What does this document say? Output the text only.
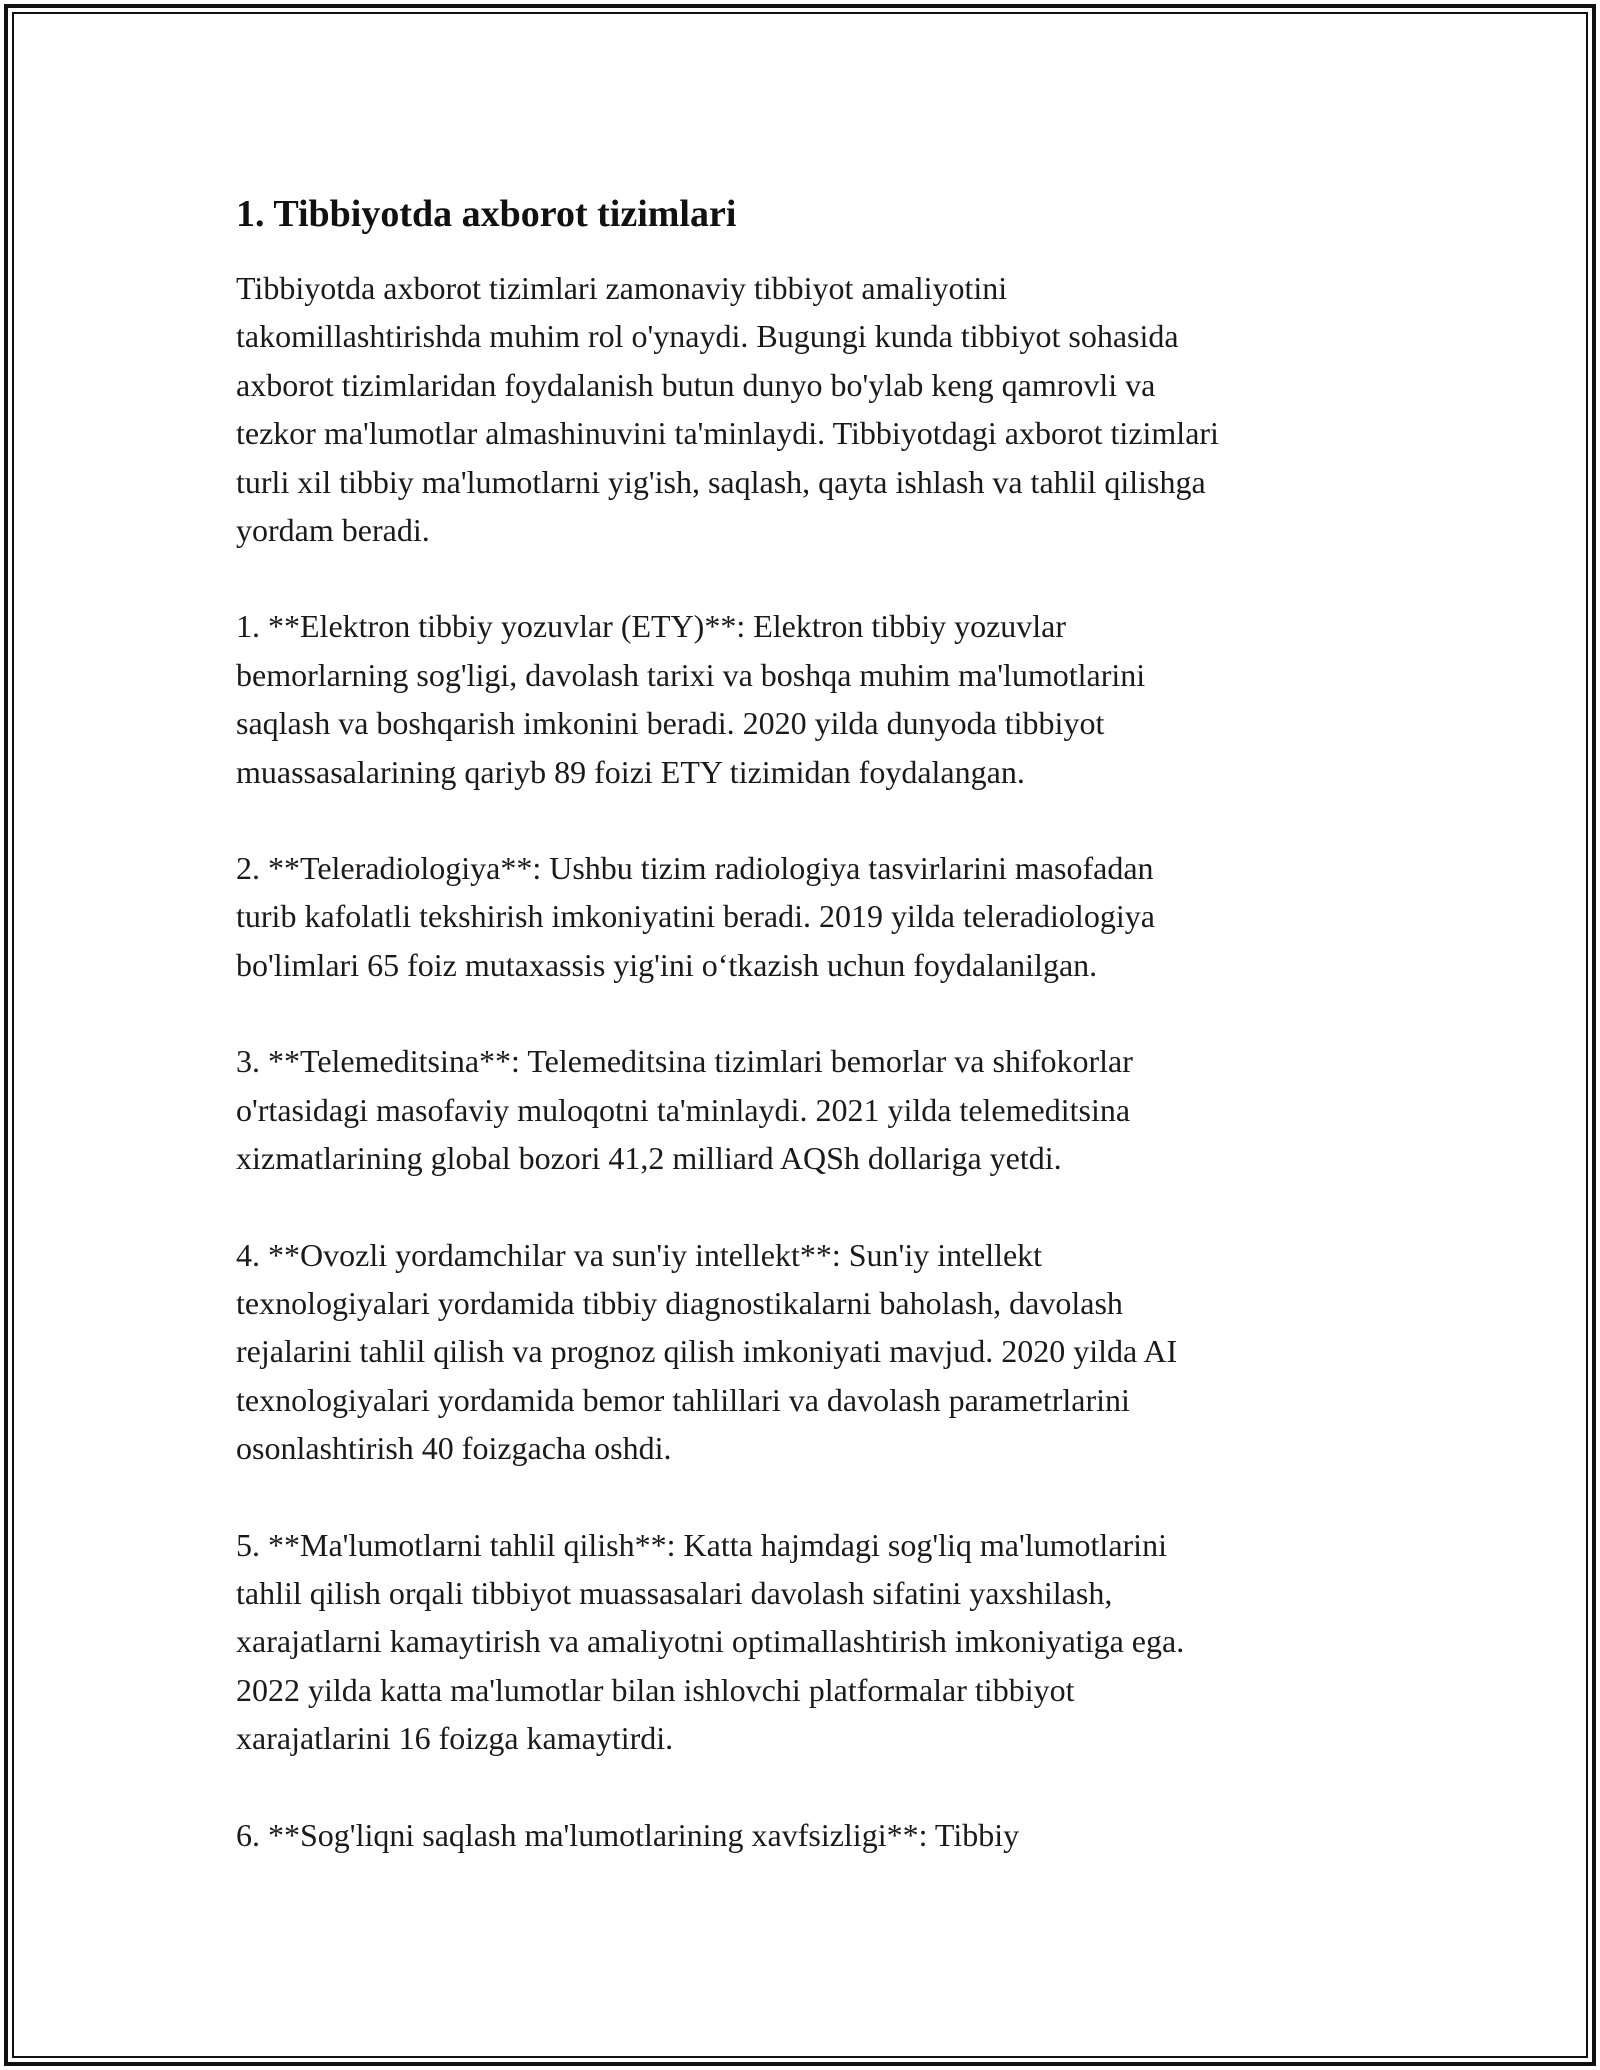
1. Tibbiyotda axborot tizimlari

Tibbiyotda axborot tizimlari zamonaviy tibbiyot amaliyotini
takomillashtirishda muhim rol o'ynaydi. Bugungi kunda tibbiyot sohasida
axborot tizimlaridan foydalanish butun dunyo bo'ylab keng qamrovli va
tezkor ma'lumotlar almashinuvini ta'minlaydi. Tibbiyotdagi axborot tizimlari
turli xil tibbiy ma'lumotlarni yig'ish, saqlash, qayta ishlash va tahlil qilishga
yordam beradi.

1. **Elektron tibbiy yozuvlar (ETY)**: Elektron tibbiy yozuvlar
bemorlarning sog'ligi, davolash tarixi va boshqa muhim ma'lumotlarini
saqlash va boshqarish imkonini beradi. 2020 yilda dunyoda tibbiyot
muassasalarining qariyb 89 foizi ETY tizimidan foydalangan.

2. **Teleradiologiya**: Ushbu tizim radiologiya tasvirlarini masofadan
turib kafolatli tekshirish imkoniyatini beradi. 2019 yilda teleradiologiya
bo'limlari 65 foiz mutaxassis yig'ini o‘tkazish uchun foydalanilgan.

3. **Telemeditsina**: Telemeditsina tizimlari bemorlar va shifokorlar
o'rtasidagi masofaviy muloqotni ta'minlaydi. 2021 yilda telemeditsina
xizmatlarining global bozori 41,2 milliard AQSh dollariga yetdi.

4. **Ovozli yordamchilar va sun'iy intellekt**: Sun'iy intellekt
texnologiyalari yordamida tibbiy diagnostikalarni baholash, davolash
rejalarini tahlil qilish va prognoz qilish imkoniyati mavjud. 2020 yilda AI
texnologiyalari yordamida bemor tahlillari va davolash parametrlarini
osonlashtirish 40 foizgacha oshdi.

5. **Ma'lumotlarni tahlil qilish**: Katta hajmdagi sog'liq ma'lumotlarini
tahlil qilish orqali tibbiyot muassasalari davolash sifatini yaxshilash,
xarajatlarni kamaytirish va amaliyotni optimallashtirish imkoniyatiga ega.
2022 yilda katta ma'lumotlar bilan ishlovchi platformalar tibbiyot
xarajatlarini 16 foizga kamaytirdi.

6. **Sog'liqni saqlash ma'lumotlarining xavfsizligi**: Tibbiy
